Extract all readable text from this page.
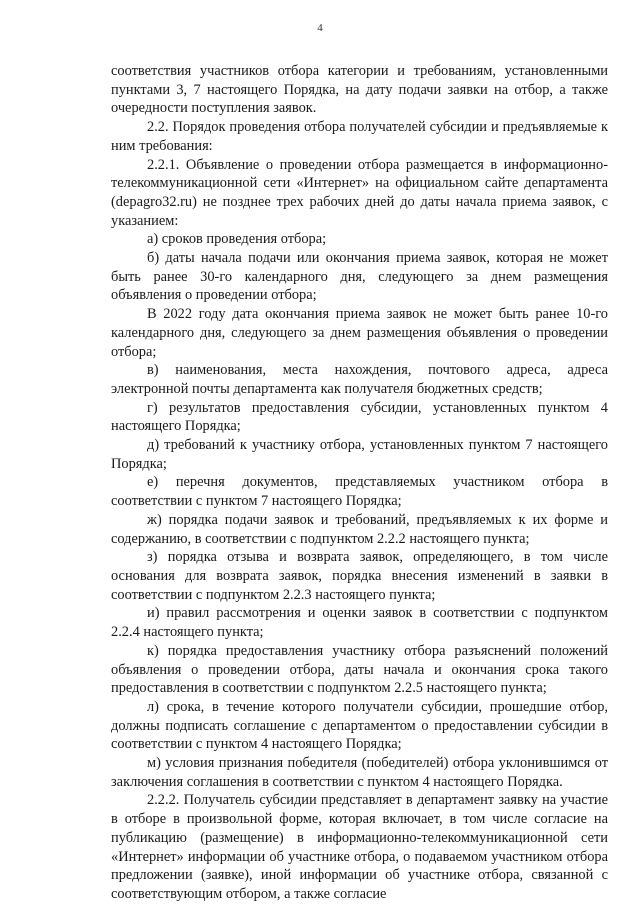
4

соответствия участников отбора категории и требованиям, установленными пунктами 3, 7 настоящего Порядка, на дату подачи заявки на отбор, а также очередности поступления заявок.

2.2. Порядок проведения отбора получателей субсидии и предъявляемые к ним требования:

2.2.1. Объявление о проведении отбора размещается в информационно-телекоммуникационной сети «Интернет» на официальном сайте департамента (depagro32.ru) не позднее трех рабочих дней до даты начала приема заявок, с указанием:

а) сроков проведения отбора;

б) даты начала подачи или окончания приема заявок, которая не может быть ранее 30-го календарного дня, следующего за днем размещения объявления о проведении отбора;

В 2022 году дата окончания приема заявок не может быть ранее 10-го календарного дня, следующего за днем размещения объявления о проведении отбора;

в) наименования, места нахождения, почтового адреса, адреса электронной почты департамента как получателя бюджетных средств;

г) результатов предоставления субсидии, установленных пунктом 4 настоящего Порядка;

д) требований к участнику отбора, установленных пунктом 7 настоящего Порядка;

е) перечня документов, представляемых участником отбора в соответствии с пунктом 7 настоящего Порядка;

ж) порядка подачи заявок и требований, предъявляемых к их форме и содержанию, в соответствии с подпунктом 2.2.2 настоящего пункта;

з) порядка отзыва и возврата заявок, определяющего, в том числе основания для возврата заявок, порядка внесения изменений в заявки в соответствии с подпунктом 2.2.3 настоящего пункта;

и) правил рассмотрения и оценки заявок в соответствии с подпунктом 2.2.4 настоящего пункта;

к) порядка предоставления участнику отбора разъяснений положений объявления о проведении отбора, даты начала и окончания срока такого предоставления в соответствии с подпунктом 2.2.5 настоящего пункта;

л) срока, в течение которого получатели субсидии, прошедшие отбор, должны подписать соглашение с департаментом о предоставлении субсидии в соответствии с пунктом 4 настоящего Порядка;

м) условия признания победителя (победителей) отбора уклонившимся от заключения соглашения в соответствии с пунктом 4 настоящего Порядка.

2.2.2. Получатель субсидии представляет в департамент заявку на участие в отборе в произвольной форме, которая включает, в том числе согласие на публикацию (размещение) в информационно-телекоммуникационной сети «Интернет» информации об участнике отбора, о подаваемом участником отбора предложении (заявке), иной информации об участнике отбора, связанной с соответствующим отбором, а также согласие
